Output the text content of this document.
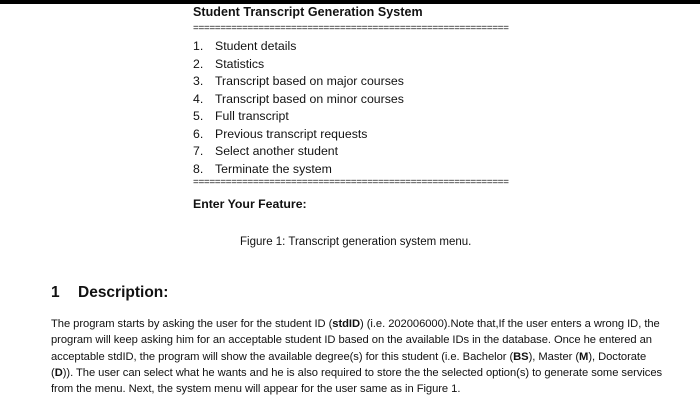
Student Transcript Generation System
==========================================================
1. Student details
2. Statistics
3. Transcript based on major courses
4. Transcript based on minor courses
5. Full transcript
6. Previous transcript requests
7. Select another student
8. Terminate the system
==========================================================
Enter Your Feature:
Figure 1: Transcript generation system menu.
1 Description:
The program starts by asking the user for the student ID (stdID) (i.e. 202006000).Note that,If the user enters a wrong ID, the program will keep asking him for an acceptable student ID based on the available IDs in the database. Once he entered an acceptable stdID, the program will show the available degree(s) for this student (i.e. Bachelor (BS), Master (M), Doctorate (D)). The user can select what he wants and he is also required to store the the selected option(s) to generate some services from the menu. Next, the system menu will appear for the user same as in Figure 1.
